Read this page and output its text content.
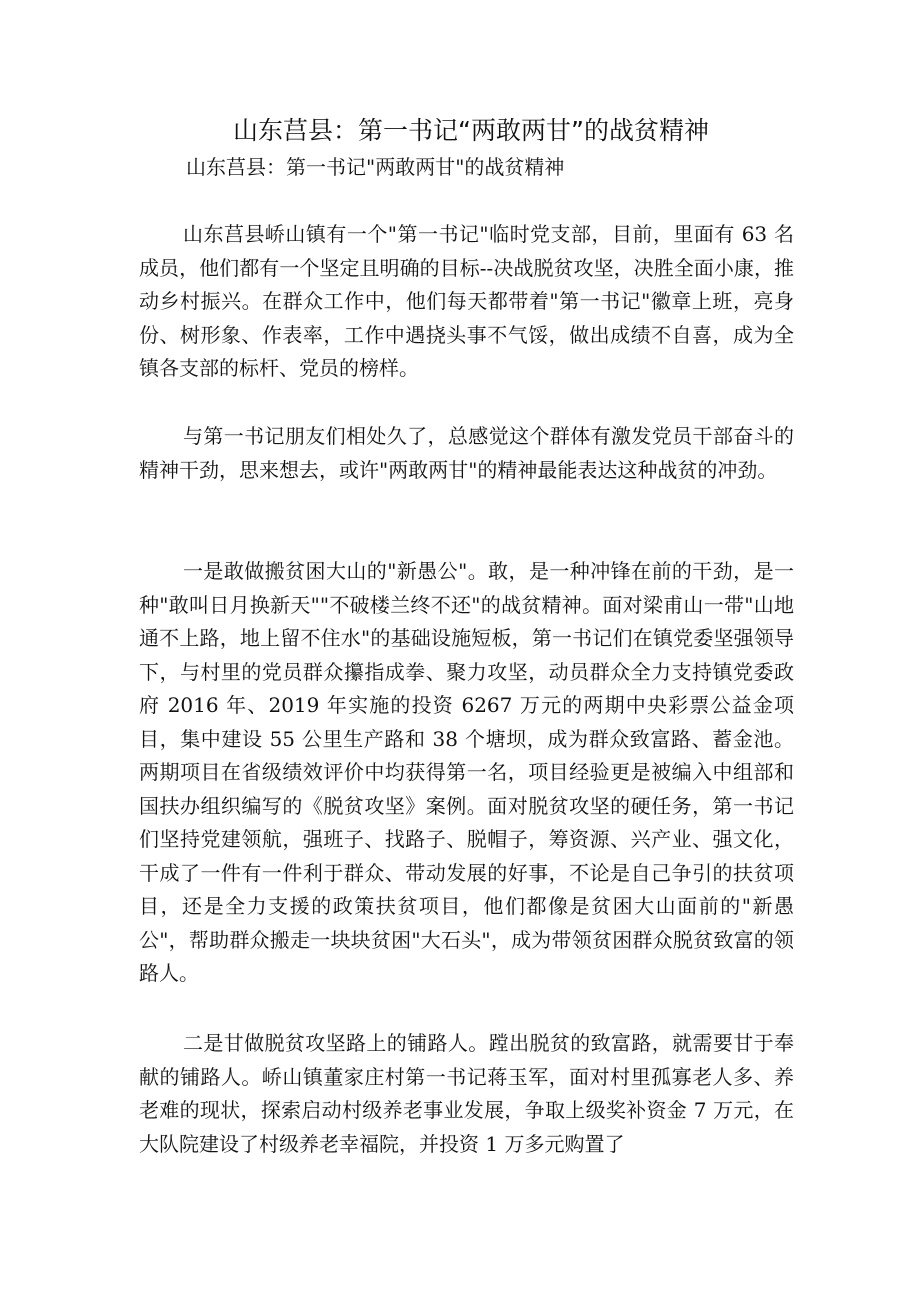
山东莒县：第一书记“两敢两甘”的战贫精神
山东莒县：第一书记"两敢两甘"的战贫精神

山东莒县峤山镇有一个"第一书记"临时党支部，目前，里面有 63 名成员，他们都有一个坚定且明确的目标--决战脱贫攻坚，决胜全面小康，推动乡村振兴。在群众工作中，他们每天都带着"第一书记"徽章上班，亮身份、树形象、作表率，工作中遇挠头事不气馁，做出成绩不自喜，成为全镇各支部的标杆、党员的榜样。

与第一书记朋友们相处久了，总感觉这个群体有激发党员干部奋斗的精神干劲，思来想去，或许"两敢两甘"的精神最能表达这种战贫的冲劲。

一是敢做搬贫困大山的"新愚公"。敢，是一种冲锋在前的干劲，是一种"敢叫日月换新天""不破楼兰终不还"的战贫精神。面对梁甫山一带"山地通不上路，地上留不住水"的基础设施短板，第一书记们在镇党委坚强领导下，与村里的党员群众攥指成拳、聚力攻坚，动员群众全力支持镇党委政府 2016 年、2019 年实施的投资 6267 万元的两期中央彩票公益金项目，集中建设 55 公里生产路和 38 个塘坝，成为群众致富路、蓄金池。两期项目在省级绩效评价中均获得第一名，项目经验更是被编入中组部和国扶办组织编写的《脱贫攻坚》案例。面对脱贫攻坚的硬任务，第一书记们坚持党建领航，强班子、找路子、脱帽子，筹资源、兴产业、强文化，干成了一件有一件利于群众、带动发展的好事，不论是自己争引的扶贫项目，还是全力支援的政策扶贫项目，他们都像是贫困大山面前的"新愚公"，帮助群众搬走一块块贫困"大石头"，成为带领贫困群众脱贫致富的领路人。

二是甘做脱贫攻坚路上的铺路人。蹚出脱贫的致富路，就需要甘于奉献的铺路人。峤山镇董家庄村第一书记蒋玉军，面对村里孤寡老人多、养老难的现状，探索启动村级养老事业发展，争取上级奖补资金 7 万元，在大队院建设了村级养老幸福院，并投资 1 万多元购置了
